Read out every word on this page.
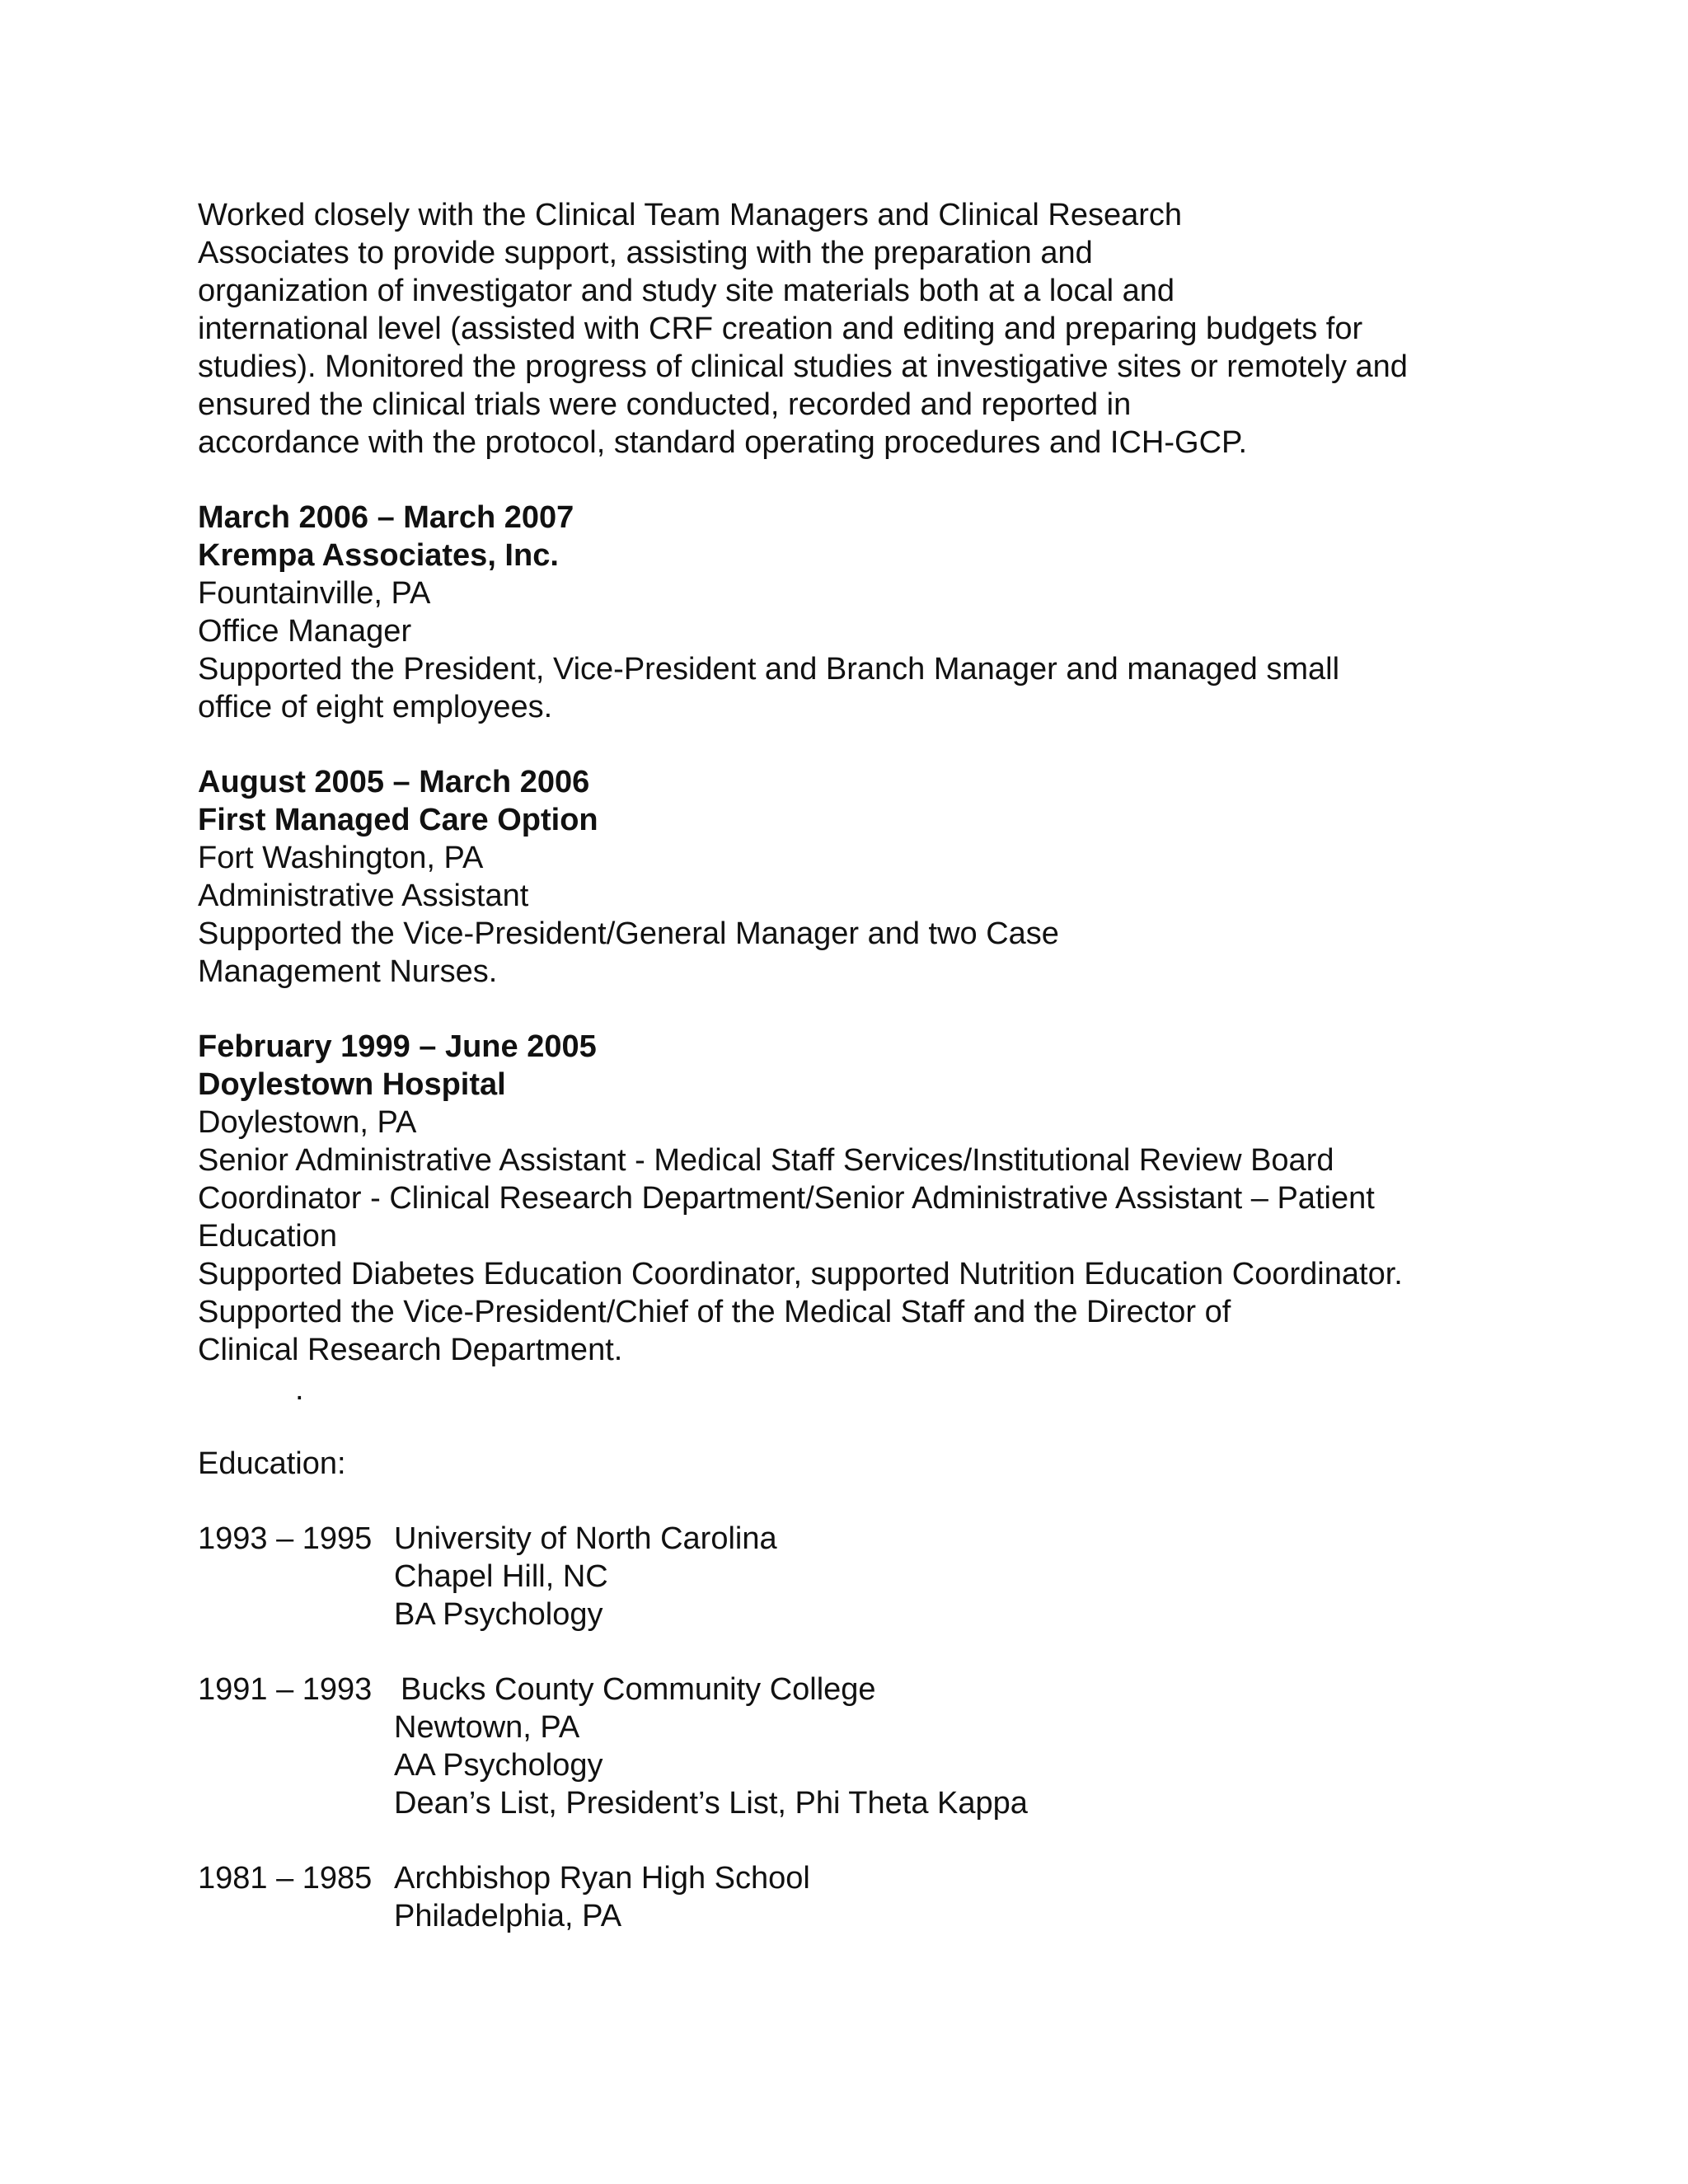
Worked closely with the Clinical Team Managers and Clinical Research
Associates to provide support, assisting with the preparation and
organization of investigator and study site materials both at a local and
international level (assisted with CRF creation and editing and preparing budgets for
studies). Monitored the progress of clinical studies at investigative sites or remotely and
ensured the clinical trials were conducted, recorded and reported in
accordance with the protocol, standard operating procedures and ICH-GCP.
March 2006 – March 2007
Krempa Associates, Inc.
Fountainville, PA
Office Manager
Supported the President, Vice-President and Branch Manager and managed small
office of eight employees.
August 2005 – March 2006
First Managed Care Option
Fort Washington, PA
Administrative Assistant
Supported the Vice-President/General Manager and two Case
Management Nurses.
February 1999 – June 2005
Doylestown Hospital
Doylestown, PA
Senior Administrative Assistant - Medical Staff Services/Institutional Review Board
Coordinator - Clinical Research Department/Senior Administrative Assistant – Patient
Education
Supported Diabetes Education Coordinator, supported Nutrition Education Coordinator.
Supported the Vice-President/Chief of the Medical Staff and the Director of
Clinical Research Department.
.
Education:
1993 – 1995 University of North Carolina
Chapel Hill, NC
BA Psychology
1991 – 1993 Bucks County Community College
Newtown, PA
AA Psychology
Dean’s List, President’s List, Phi Theta Kappa
1981 – 1985 Archbishop Ryan High School
Philadelphia, PA
